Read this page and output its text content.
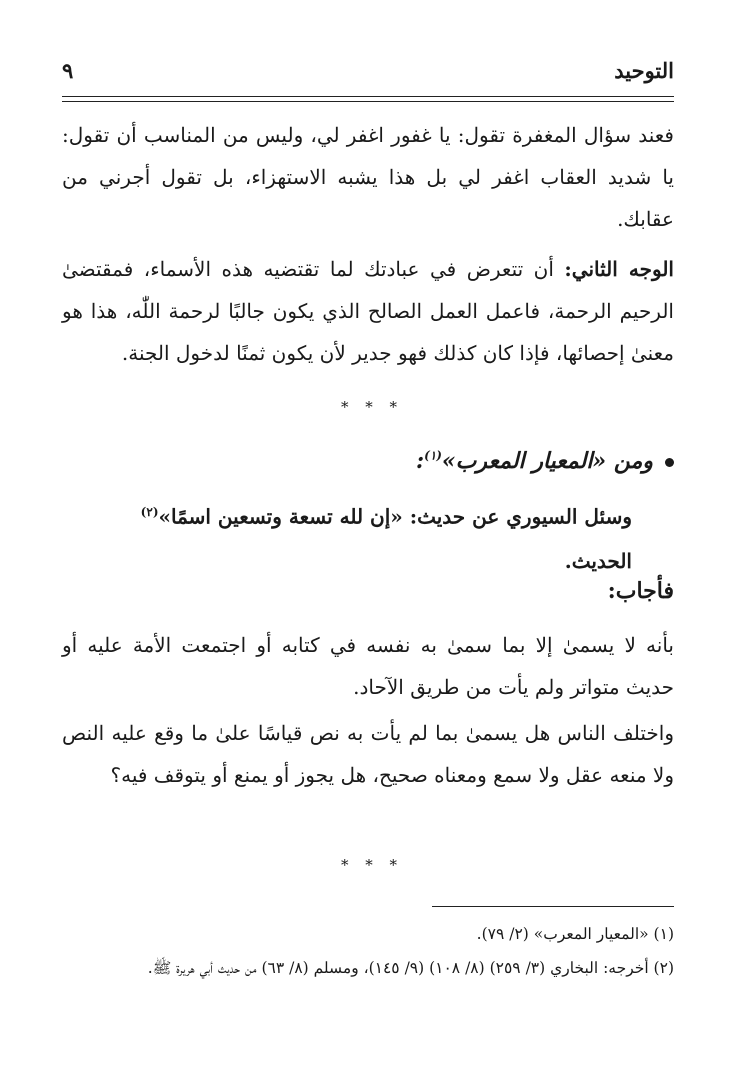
التوحيد
٩
فعند سؤال المغفرة تقول: يا غفور اغفر لي، وليس من المناسب أن تقول: يا شديد العقاب اغفر لي بل هذا يشبه الاستهزاء، بل تقول أجرني من عقابك.
الوجه الثاني: أن تتعرض في عبادتك لما تقتضيه هذه الأسماء، فمقتضىٰ الرحيم الرحمة، فاعمل العمل الصالح الذي يكون جالبًا لرحمة اللّٰه، هذا هو معنىٰ إحصائها، فإذا كان كذلك فهو جدير لأن يكون ثمنًا لدخول الجنة.
* * *
ومن «المعيار المعرب»$^{(١)}$:
وسئل السيوري عن حديث: «إن لله تسعة وتسعين اسمًا»$^{(٢)}$
الحديث.
فأجاب:
بأنه لا يسمىٰ إلا بما سمىٰ به نفسه في كتابه أو اجتمعت الأمة عليه أو حديث متواتر ولم يأت من طريق الآحاد.
واختلف الناس هل يسمىٰ بما لم يأت به نص قياسًا علىٰ ما وقع عليه النص ولا منعه عقل ولا سمع ومعناه صحيح، هل يجوز أو يمنع أو يتوقف فيه؟
* * *
(١) «المعيار المعرب» (٢/ ٧٩).
(٢) أخرجه: البخاري (٣/ ٢٥٩) (٨/ ١٠٨) (٩/ ١٤٥)، ومسلم (٨/ ٦٣) من حديث أبي هريرة ﷺ.
